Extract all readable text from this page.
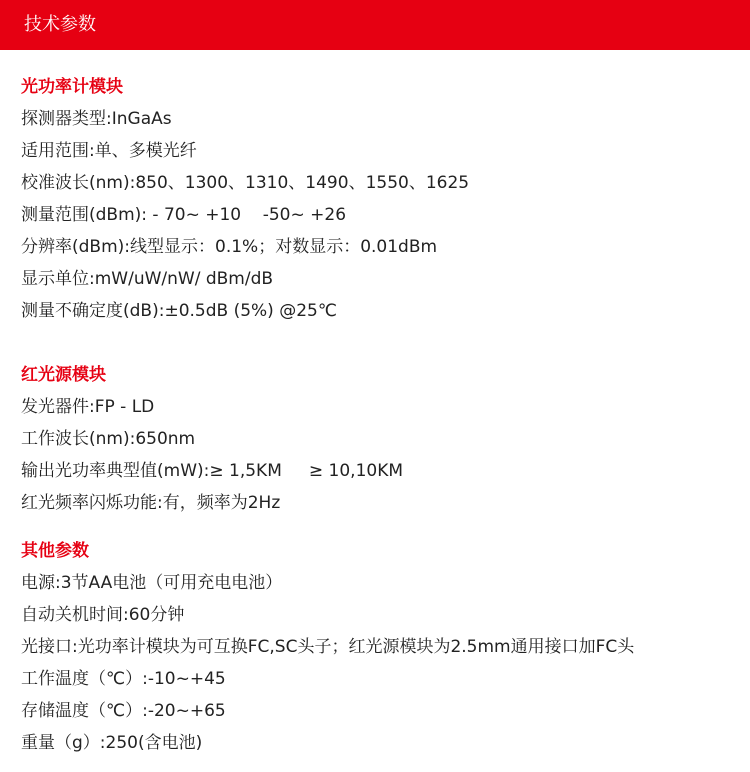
技术参数
光功率计模块
探测器类型:InGaAs
适用范围:单、多模光纤
校准波长(nm):850、1300、1310、1490、1550、1625
测量范围(dBm): - 70~ +10    -50~ +26
分辨率(dBm):线型显示：0.1%；对数显示：0.01dBm
显示单位:mW/uW/nW/ dBm/dB
测量不确定度(dB):±0.5dB (5%) @25℃
红光源模块
发光器件:FP - LD
工作波长(nm):650nm
输出光功率典型值(mW):≥ 1,5KM     ≥ 10,10KM
红光频率闪烁功能:有，频率为2Hz
其他参数
电源:3节AA电池（可用充电电池）
自动关机时间:60分钟
光接口:光功率计模块为可互换FC,SC头子；红光源模块为2.5mm通用接口加FC头
工作温度（℃）:-10~+45
存储温度（℃）:-20~+65
重量（g）:250(含电池)
